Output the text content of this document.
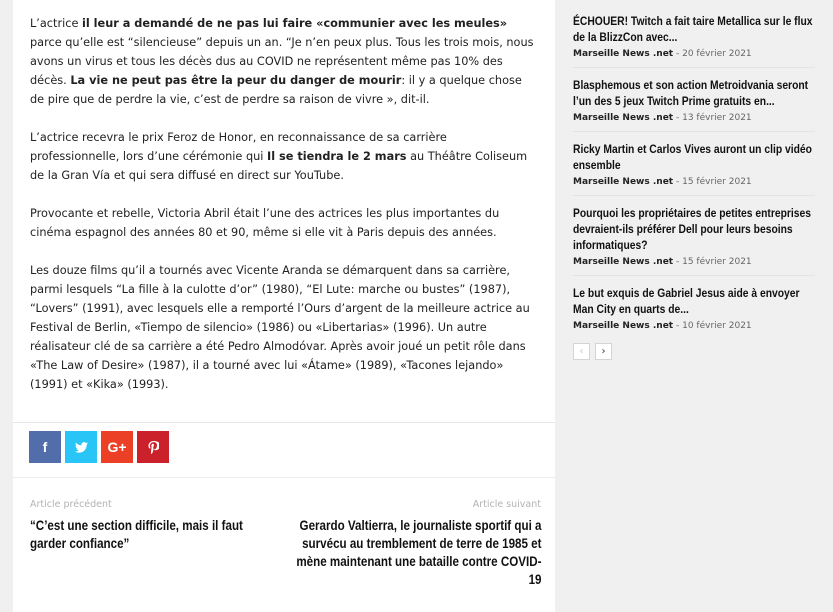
L’actrice il leur a demandé de ne pas lui faire «communier avec les meules» parce qu’elle est “silencieuse” depuis un an. “Je n’en peux plus. Tous les trois mois, nous avons un virus et tous les décès dus au COVID ne représentent même pas 10% des décès. La vie ne peut pas être la peur du danger de mourir: il y a quelque chose de pire que de perdre la vie, c’est de perdre sa raison de vivre », dit-il.

L’actrice recevra le prix Feroz de Honor, en reconnaissance de sa carrière professionnelle, lors d’une cérémonie qui Il se tiendra le 2 mars au Théâtre Coliseum de la Gran Vía et qui sera diffusé en direct sur YouTube.

Provocante et rebelle, Victoria Abril était l’une des actrices les plus importantes du cinéma espagnol des années 80 et 90, même si elle vit à Paris depuis des années.

Les douze films qu’il a tournés avec Vicente Aranda se démarquent dans sa carrière, parmi lesquels “La fille à la culotte d’or” (1980), “El Lute: marche ou bustes” (1987), “Lovers” (1991), avec lesquels elle a remporté l’Ours d’argent de la meilleure actrice au Festival de Berlin, «Tiempo de silencio» (1986) ou «Libertarias» (1996). Un autre réalisateur clé de sa carrière a été Pedro Almodóvar. Après avoir joué un petit rôle dans «The Law of Desire» (1987), il a tourné avec lui «Átame» (1989), «Tacones lejando» (1991) et «Kika» (1993).

f	G+
Article précédent
“C’est une section difficile, mais il faut garder confiance”
Article suivant
Gerardo Valtierra, le journaliste sportif qui a survécu au tremblement de terre de 1985 et mène maintenant une bataille contre COVID-19
ÉCHOUER! Twitch a fait taire Metallica sur le flux de la BlizzCon avec...
Marseille News .net - 20 février 2021
Blasphemous et son action Metroidvania seront l’un des 5 jeux Twitch Prime gratuits en...
Marseille News .net - 13 février 2021
Ricky Martin et Carlos Vives auront un clip vidéo ensemble
Marseille News .net - 15 février 2021
Pourquoi les propriétaires de petites entreprises devraient-ils préférer Dell pour leurs besoins informatiques?
Marseille News .net - 15 février 2021
Le but exquis de Gabriel Jesus aide à envoyer Man City en quarts de...
Marseille News .net - 10 février 2021
‹ ›
